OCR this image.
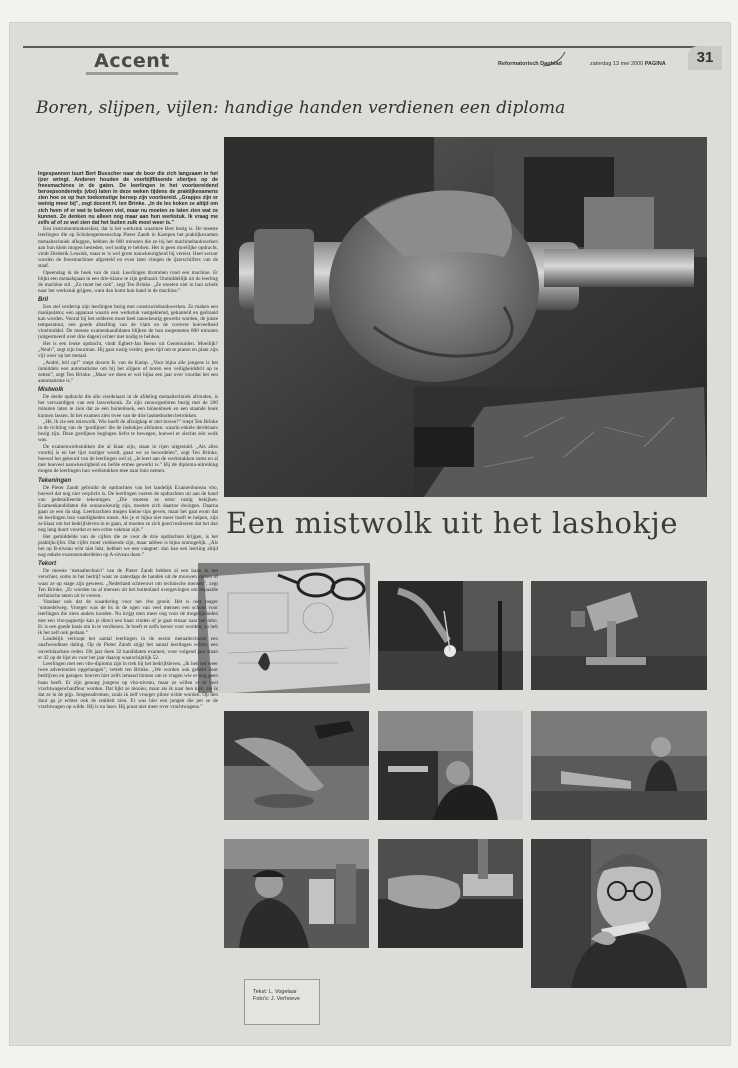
Accent	Reformatorisch Dagblad	zaterdag 13 mei 2000 PAGINA	31
Boren, slijpen, vijlen: handige handen verdienen een diploma
Een mistwolk uit het lashokje

Ingespannen tuurt Bert Busscher naar de boor die zich langzaam in het ijzer wringt. Anderen houden de voorbijflitsende sliertjes op de freesmachines in de gaten. De leerlingen in het voorbereidend beroepsonderwijs (vbo) laten in deze weken tijdens de praktijkexamens zien hoe ze op hun toekomstige beroep zijn voorbereid. „Grapjes zijn er weinig meer bij”, zegt docent H. ten Brinke. „In de les koken ze altijd om zich heen of er wat te beleven viel, maar nu moeten ze laten zien wat ze kunnen. Ze denken nu alleen nog maar aan hun werkstuk. Ik vraag me zelfs af of ze wel zien dat het buiten zulk mooi weer is.”

Een instrumentmakerskist, dat is het werkstuk waarmee Bert bezig is. De meeste leerlingen die op Scholengemeenschap Pieter Zandt in Kampen het praktijkexamen metaaltechniek afleggen, hebben de 800 minuten die ze bij het machinebankwerken aan hun klem mogen besteden, wel nodig te hebben. Het is geen moeilijke opdracht, vindt Diederik Leusink, maar er is wel grote nauwkeurigheid bij vereist. Heel secuur worden de freesmachines afgesteld en even later vliegen de ijzerschilfers van de staaf.

Opeenslag in de hoek van de zaal. Leerlingen drommen rond een machine. Er blijkt een metaalspaan in een drie-klauw te zijn gedraaid. Onmiddellijk uit de leerling de machine stil. „Zo moet het ook”, zegt Ten Brinke. „Ze moeten niet in hun scheik naar het werkstuk grijpen, want dan komt hun hand in de machine.”

Bril

Een stel verderop zijn leerlingen bezig met constructiebankwerken. Ze maken een manipulator, een apparaat waarin een werkstuk vastgeklemd, gekanteld en gedraaid kan worden. Vooral bij het solderen moet heel nauwkeurig gewerkt worden, de juiste temperatuur, een goede afstelling van de vlam en de correcte hoeveelheid vloeimiddel. De meeste examenkandidaten blijken de hun toegemeten 800 minuten (uitgesmeerd over drie dagen) echter niet nodig te hebben.

Het is een leuke opdracht, vindt Egbert-Jan Beens uit Genemuiden. Moeilijk? „Neuh”, zegt zijn buurman. Hij gaat rustig verder, geen tijd om te praten en plant zijn vijl weer op het metaal.

„André, bril op!” roept docent B. van de Kamp. „Voor bijna alle jongens is het inmiddels een automatisme om bij het slijpen of boren een veiligheidsbril op te zetten”, zegt Ten Brinke. „Maar we doen er wel bijna een jaar over voordat het een automatisme is.”

Mistwolk

De derde opdracht die alle vierdeiaars in de afdeling metaaltechniek afronden, is het vervaardigen van een laswerkstuk. Ze zijn zenuwgesloten bezig met de 200 minuten laten te zien dat ze een buitenhoek, een binnenhoek en een staande hoek kunnen lassen. In het examen zien twee van de drie lasmethoden betrokken.

„Hé, ik zie een mistwolk. Wie hoeft de afzuigkap er niet boven?” roept Ten Brinke in de richting van de ‘gordijnen’ die de lashokjes afsluiten: waarin enkele derdeiaars bezig zijn. Deze gordijnen begingen liefst te bewegen, hoewel er slechts één wolk was.

De examenwerkstukken die al klaar zijn, staan in rijen uitgestald. „Als alles voorbij is en het lijst rustiger wordt, gaan we ze beoordelen”, zegt Ten Brinke, hoewel het gekeurd van de leerlingen wel al, „Je leert aan de werkstukken soms en al met hoeveel nauwkeurigheid en liefde ermee gewerkt is.” Bij de diploma-uitreiking mogen de leerlingen hun werkstukken mee naar huis nemen.

Tekeningen

De Pieter Zandt gebruikt de opdrachten van het landelijk Examenbureau vbo, hoewel dat nog niet verplicht is. De leerlingen voeren de opdrachten uit aan de hand van gedetailleerde tekeningen. „Die moeten ze eerst rustig bekijken. Examenkandidaten die onnauwkeurig zijn, moeten zich daartoe dwingen. Daarna gaan ze een da slag. Leerkrachten mogen kleine tips geven, maar het gaat erom dat de leerlingen hun vaardigheden tonen. Als je er bijna niet meer hoeft te helpen, zijn ze klaar om het bedrijfsleven in te gaan, al moeten ze zich goed realiseren dat het dan nog lang duurt voordat er een echte vakman zijn.”

Het gemiddelde van de cijfers die ze voor de drie opdrachten krijgen, is het praktijkcijfer. Dat cijfer moet voldoende zijn, maar tabben is bijna onmogelijk. „Als het op B-niveau echt niet lukt, hebben we een vangnet: dan kan een leerling altijd nog enkele examenonderdelen op A-niveau doen.”

Tekort

De meeste ‘metaaltechnici’ van de Pieter Zandt hebben al een baan in het verschiet, soms in het bedrijf waar ze zaterdags de handen uit de mouwen steken of waar ze op stage zijn geweest. „Nederland schreeuwt om technische mensen”, zegt Ten Brinke. „Er worden nu al mensen uit het buitenland overgevlogen om bepaalde technische taken uit te voeren.

Vandaar ook dat de waardering voor het vbo groeit. Het is niet langer ‘ontoedelweg. Vroeger was de lts in de ogen van veel mensen een school voor leerlingen die niets anders konden. Nu krijgt men meer oog voor de mogelijkheden met een vbo-papiertje kan je direct een baan vinden of je gaat ernaar naar het mbo. Er is een goede basis om in te verdienen. Je hoeft er zelfs kerser voor worden; zo heb ik het zelf ook gedaan.”

Landelijk verloopt het aantal leerlingen in de sector metaaltechniek een onafwendbare daling. Op de Pieter Zandt stijgt het aantal leerlingen echter, een onverklaarbare reden. Dit jaar doen 32 kandidaten examen; voor volgend jaar staan er 42 op de lijst en voor het jaar daarop waarschijnlijk 52.

Leerlingen met een vbo-diploma zijn in trek bij het bedrijfsleven. „Ik heb net weer twee advertenties opgehangen”, vertelt ten Brinke. „We worden ook gebeld door bedrijven en garages: hoeven hier zelfs iemand binnen om te vragen wie er nog geen baan heeft. Er zijn genoeg jongens op vbo-niveau, maar ze willen er te veel vrachtwagenchauffeur worden. Dat lijkt ze mooier, maar als ik naar hen kijk, zie ik dat ze in de pijp. Jongensdromen, zoals ik zelf vroeger pilote wilde worden. Op den duur ga je echter ook de realiteit zien. Er was hier een jongen die per se de vrachtwagen op wilde. Hij is nu laser. Hij praat niet meer over vrachtwagens.”

Tekst: L. Vogelaar
Foto's: J. Verhoeve
